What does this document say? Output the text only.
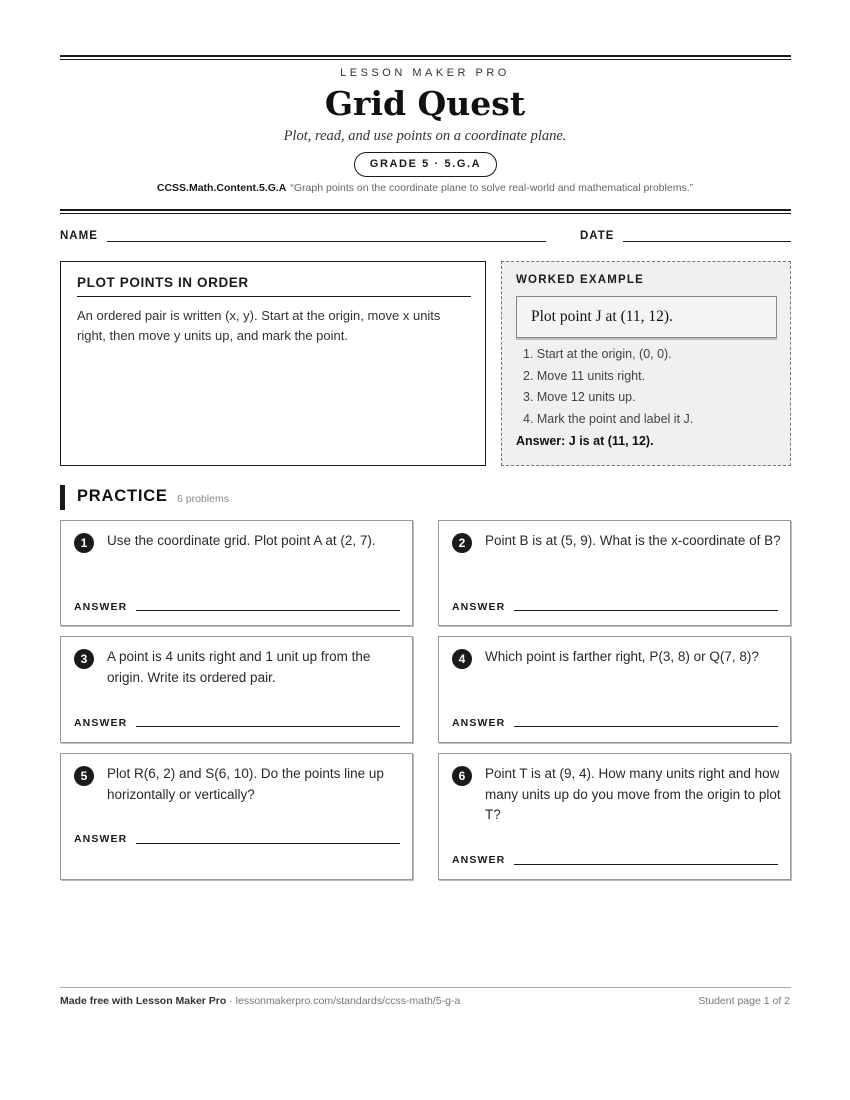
LESSON MAKER PRO
Grid Quest
Plot, read, and use points on a coordinate plane.
GRADE 5 · 5.G.A
CCSS.Math.Content.5.G.A “Graph points on the coordinate plane to solve real-world and mathematical problems.”
NAME	DATE
PLOT POINTS IN ORDER
An ordered pair is written (x, y). Start at the origin, move x units right, then move y units up, and mark the point.
WORKED EXAMPLE
Plot point J at (11, 12).
1. Start at the origin, (0, 0).
2. Move 11 units right.
3. Move 12 units up.
4. Mark the point and label it J.
Answer: J is at (11, 12).
PRACTICE 6 problems
1	Use the coordinate grid. Plot point A at (2, 7).
ANSWER
2	Point B is at (5, 9). What is the x-coordinate of B?
ANSWER
3	A point is 4 units right and 1 unit up from the origin. Write its ordered pair.
ANSWER
4	Which point is farther right, P(3, 8) or Q(7, 8)?
ANSWER
5	Plot R(6, 2) and S(6, 10). Do the points line up horizontally or vertically?
ANSWER
6	Point T is at (9, 4). How many units right and how many units up do you move from the origin to plot T?
ANSWER
Made free with Lesson Maker Pro · lessonmakerpro.com/standards/ccss-math/5-g-a	Student page 1 of 2
